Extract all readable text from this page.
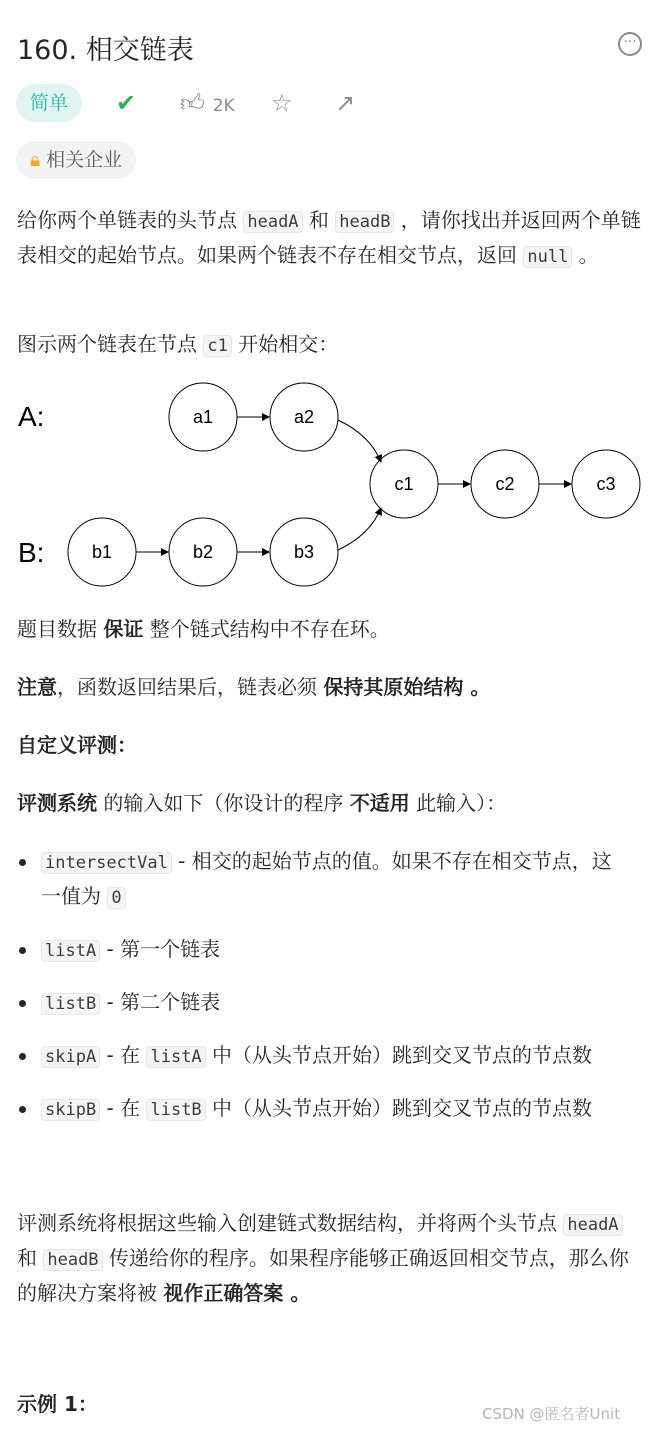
160. 相交链表	···
简单	✔ 👍︎ 2K ☆ ↗
🔒︎ 相关企业
给你两个单链表的头节点 headA 和 headB ，请你找出并返回两个单链表相交的起始节点。如果两个链表不存在相交节点，返回 null 。
图示两个链表在节点 c1 开始相交：
A:
B:
a1	a2
b1	b2	b3
c1	c2	c3
题目数据 保证 整个链式结构中不存在环。
注意，函数返回结果后，链表必须 保持其原始结构 。
自定义评测：
评测系统 的输入如下（你设计的程序 不适用 此输入）：
intersectVal - 相交的起始节点的值。如果不存在相交节点，这一值为 0
listA - 第一个链表
listB - 第二个链表
skipA - 在 listA 中（从头节点开始）跳到交叉节点的节点数
skipB - 在 listB 中（从头节点开始）跳到交叉节点的节点数
评测系统将根据这些输入创建链式数据结构，并将两个头节点 headA 和 headB 传递给你的程序。如果程序能够正确返回相交节点，那么你的解决方案将被 视作正确答案 。
示例 1：	CSDN @匿名者Unit
